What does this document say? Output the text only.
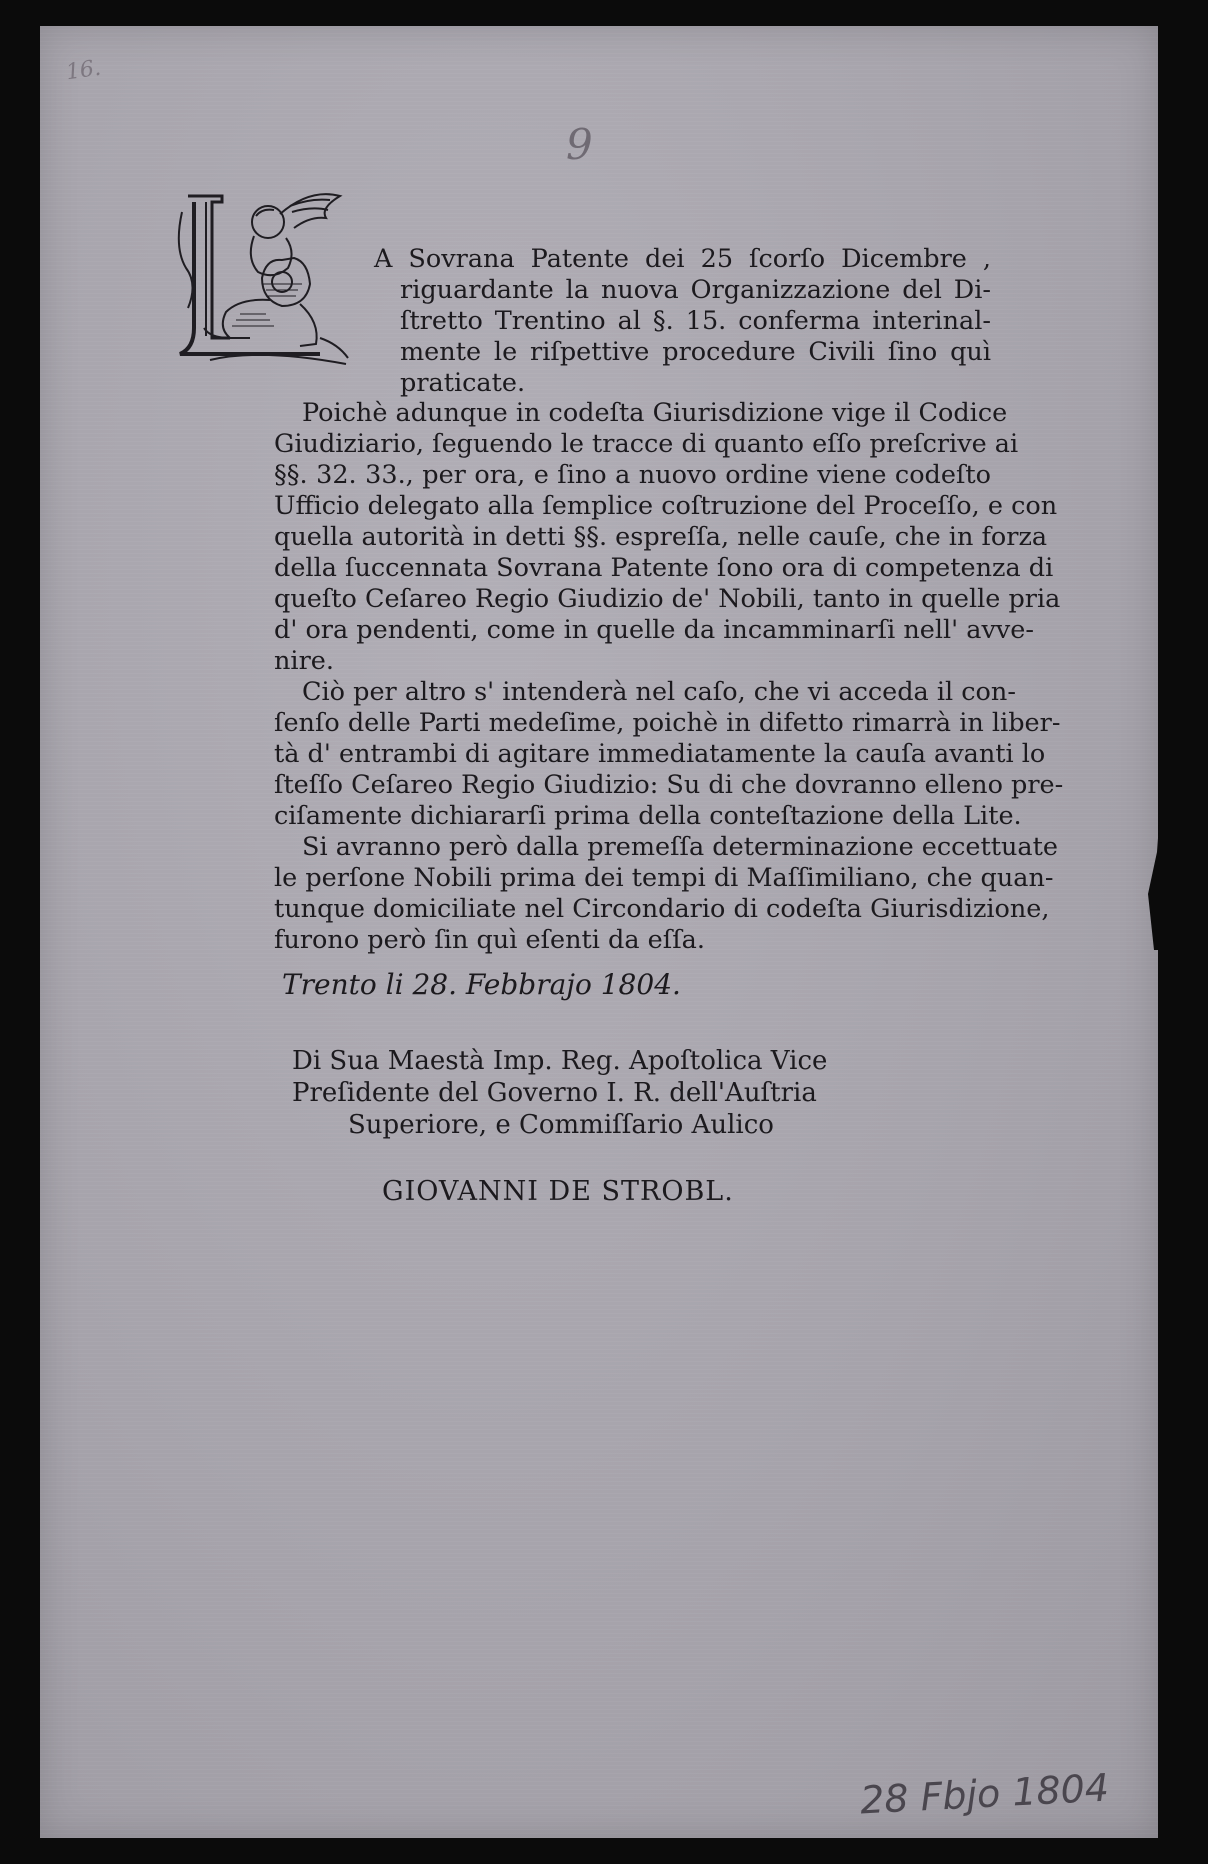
16.
9
A Sovrana Patente dei 25 ſcorſo Dicembre ,
riguardante la nuova Organizzazione del Di-
ſtretto Trentino al §. 15. conferma interinal-
mente le riſpettive procedure Civili ſino quì
praticate.
Poichè adunque in codeſta Giurisdizione vige il Codice
Giudiziario, ſeguendo le tracce di quanto eſſo preſcrive ai
§§. 32. 33., per ora, e ſino a nuovo ordine viene codeſto
Ufficio delegato alla ſemplice coſtruzione del Proceſſo, e con
quella autorità in detti §§. espreſſa, nelle cauſe, che in forza
della ſuccennata Sovrana Patente ſono ora di competenza di
queſto Ceſareo Regio Giudizio de' Nobili, tanto in quelle pria
d' ora pendenti, come in quelle da incamminarſi nell' avve-
nire.
Ciò per altro s' intenderà nel caſo, che vi acceda il con-
ſenſo delle Parti medeſime, poichè in difetto rimarrà in liber-
tà d' entrambi di agitare immediatamente la cauſa avanti lo
ſteſſo Ceſareo Regio Giudizio: Su di che dovranno elleno pre-
ciſamente dichiararſi prima della conteſtazione della Lite.
Si avranno però dalla premeſſa determinazione eccettuate
le perſone Nobili prima dei tempi di Maſſimiliano, che quan-
tunque domiciliate nel Circondario di codeſta Giurisdizione,
furono però ſin quì eſenti da eſſa.
Trento li 28. Febbrajo 1804.
Di Sua Maestà Imp. Reg. Apoſtolica Vice
Preſidente del Governo I. R. dell'Auſtria
Superiore, e Commiſſario Aulico
GIOVANNI DE STROBL.
28 Fbjo 1804
